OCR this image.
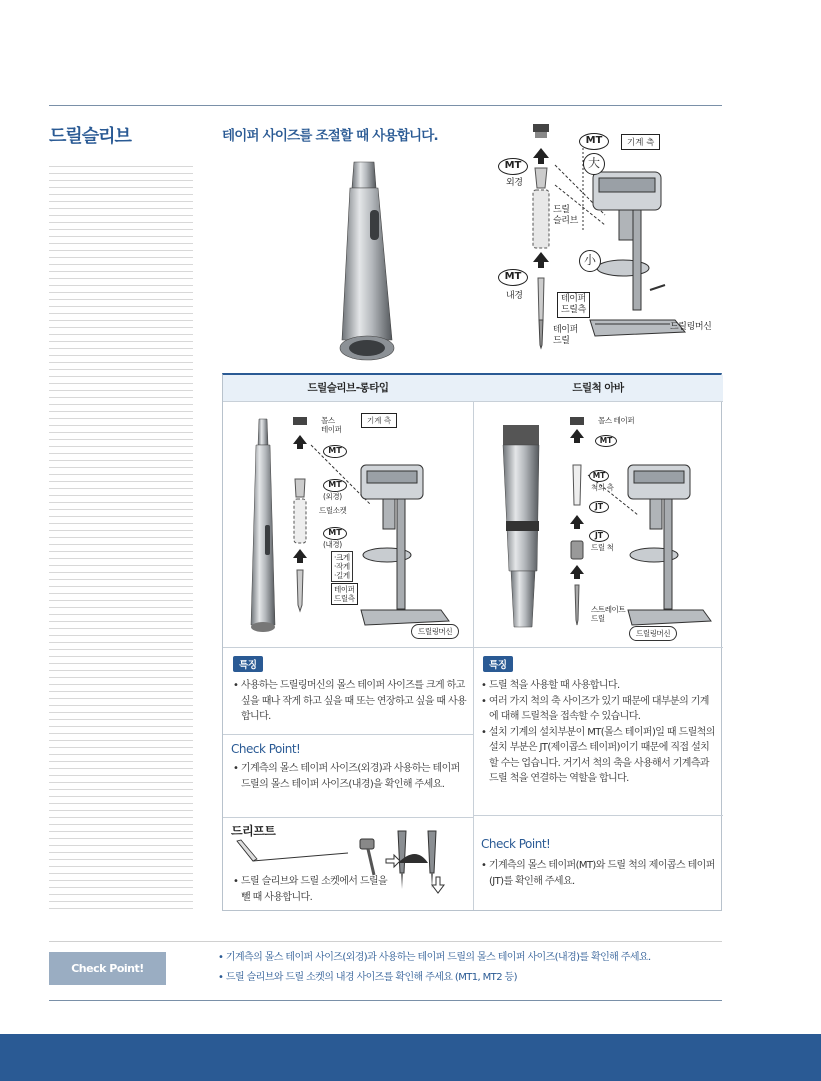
드릴슬리브	테이퍼 사이즈를 조절할 때 사용합니다.	MT	기계 측
大
MT
외경
드릴
슬리브
小
MT
내경	테이퍼
드릴측
테이퍼
드릴
드릴링머신
드릴슬리브-롱타입	드릴척 아바
몰스
테이퍼
기계 측
MT
MT
(외경)
드릴소켓
MT
(내경)
·크게
·작게
·길게
테이퍼
드릴측
드릴링머신
몰스 테이퍼
MT
MT
척의 측
JT
JT
드릴 척
스트레이트
드릴
드릴링머신
특징
• 사용하는 드릴링머신의 몰스 테이퍼 사이즈를 크게 하고 싶을 때나 작게 하고 싶을 때 또는 연장하고 싶을 때 사용합니다.
Check Point!
• 기계측의 몰스 테이퍼 사이즈(외경)과 사용하는 테이퍼 드릴의 몰스 테이퍼 사이즈(내경)을 확인해 주세요.
드리프트
• 드릴 슬리브와 드릴 소켓에서 드릴을 뺄 때 사용합니다.
특징
• 드릴 척을 사용할 때 사용합니다.
• 여러 가지 척의 축 사이즈가 있기 때문에 대부분의 기계에 대해 드릴척을 접속할 수 있습니다.
• 설치 기계의 설치부분이 MT(몰스 테이퍼)일 때 드릴척의 설치 부분은 JT(제이콥스 테이퍼)이기 때문에 직접 설치할 수는 업습니다. 거기서 척의 축을 사용해서 기계측과 드릴 척을 연결하는 역할을 합니다.
Check Point!
• 기계측의 몰스 테이퍼(MT)와 드릴 척의 제이콥스 테이퍼(JT)를 확인해 주세요.
Check Point!
• 기계측의 몰스 테이퍼 사이즈(외경)과 사용하는 테이퍼 드릴의 몰스 테이퍼 사이즈(내경)를 확인해 주세요.
• 드릴 슬리브와 드릴 소켓의 내경 사이즈를 확인해 주세요 (MT1, MT2 등)
